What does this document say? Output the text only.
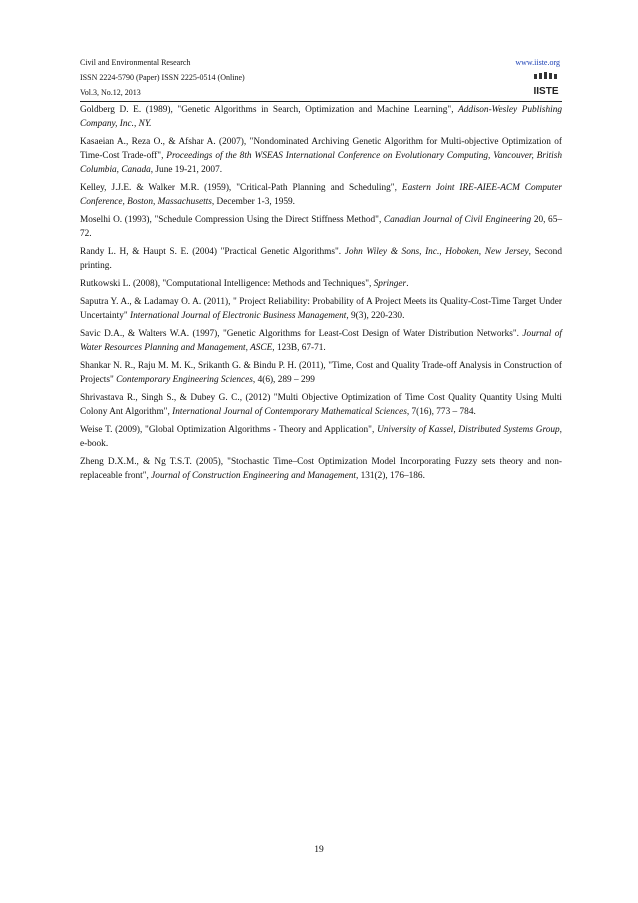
Civil and Environmental Research
ISSN 2224-5790 (Paper) ISSN 2225-0514 (Online)
Vol.3, No.12, 2013
www.iiste.org
IISTE

Goldberg D. E. (1989), "Genetic Algorithms in Search, Optimization and Machine Learning", Addison-Wesley Publishing Company, Inc., NY.

Kasaeian A., Reza O., & Afshar A. (2007), "Nondominated Archiving Genetic Algorithm for Multi-objective Optimization of Time-Cost Trade-off", Proceedings of the 8th WSEAS International Conference on Evolutionary Computing, Vancouver, British Columbia, Canada, June 19-21, 2007.

Kelley, J.J.E. & Walker M.R. (1959), "Critical-Path Planning and Scheduling", Eastern Joint IRE-AIEE-ACM Computer Conference, Boston, Massachusetts, December 1-3, 1959.

Moselhi O. (1993), "Schedule Compression Using the Direct Stiffness Method", Canadian Journal of Civil Engineering 20, 65–72.

Randy L. H, & Haupt S. E. (2004) "Practical Genetic Algorithms". John Wiley & Sons, Inc., Hoboken, New Jersey, Second printing.

Rutkowski L. (2008), "Computational Intelligence: Methods and Techniques", Springer.

Saputra Y. A., & Ladamay O. A. (2011), " Project Reliability: Probability of A Project Meets its Quality-Cost-Time Target Under Uncertainty" International Journal of Electronic Business Management, 9(3), 220-230.

Savic D.A., & Walters W.A. (1997), "Genetic Algorithms for Least-Cost Design of Water Distribution Networks". Journal of Water Resources Planning and Management, ASCE, 123B, 67-71.

Shankar N. R., Raju M. M. K., Srikanth G. & Bindu P. H. (2011), "Time, Cost and Quality Trade-off Analysis in Construction of Projects" Contemporary Engineering Sciences, 4(6), 289 – 299

Shrivastava R., Singh S., & Dubey G. C., (2012) "Multi Objective Optimization of Time Cost Quality Quantity Using Multi Colony Ant Algorithm", International Journal of Contemporary Mathematical Sciences, 7(16), 773 – 784.

Weise T. (2009), "Global Optimization Algorithms - Theory and Application", University of Kassel, Distributed Systems Group, e-book.

Zheng D.X.M., & Ng T.S.T. (2005), "Stochastic Time–Cost Optimization Model Incorporating Fuzzy sets theory and non-replaceable front", Journal of Construction Engineering and Management, 131(2), 176–186.

19
